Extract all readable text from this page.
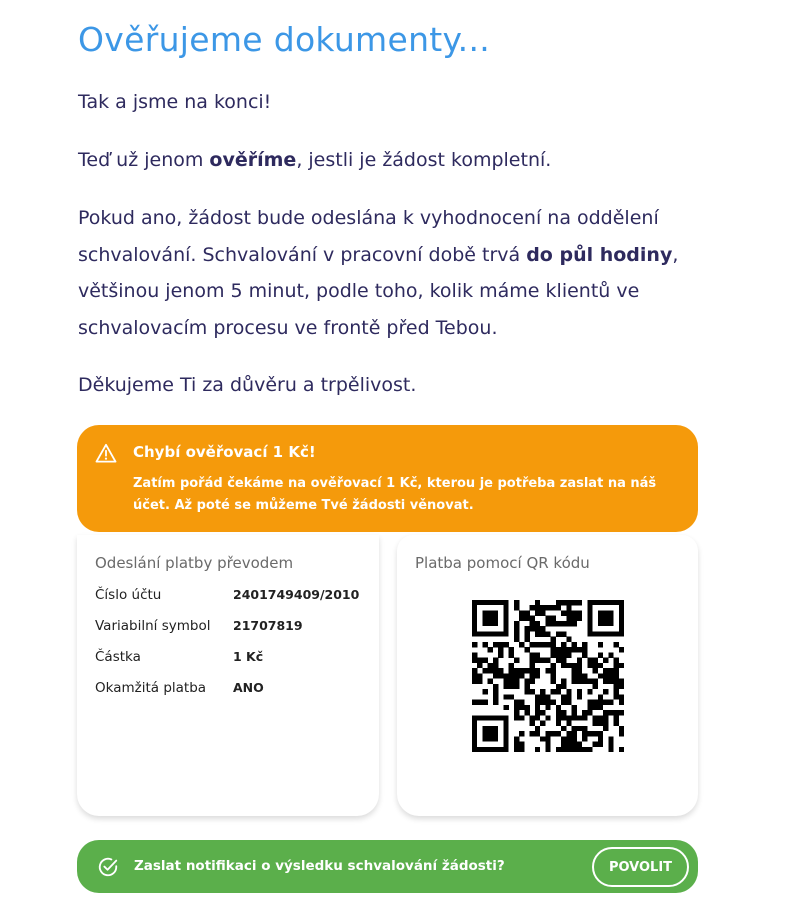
Ověřujeme dokumenty...

Tak a jsme na konci!

Teď už jenom ověříme, jestli je žádost kompletní.

Pokud ano, žádost bude odeslána k vyhodnocení na oddělení schvalování. Schvalování v pracovní době trvá do půl hodiny, většinou jenom 5 minut, podle toho, kolik máme klientů ve schvalovacím procesu ve frontě před Tebou.

Děkujeme Ti za důvěru a trpělivost.

Chybí ověřovací 1 Kč!
Zatím pořád čekáme na ověřovací 1 Kč, kterou je potřeba zaslat na náš účet. Až poté se můžeme Tvé žádosti věnovat.
Odeslání platby převodem
Číslo účtu	2401749409/2010
Variabilní symbol 21707819
Částka	1 Kč
Okamžitá platba ANO
Platba pomocí QR kódu
Zaslat notifikaci o výsledku schvalování žádosti?	POVOLIT
